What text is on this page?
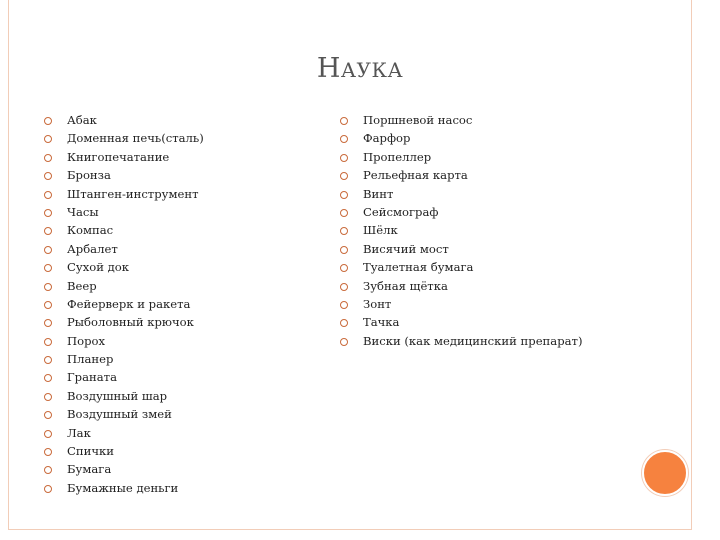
НАУКА
Абак
Доменная печь(сталь)
Книгопечатание
Бронза
Штанген-инструмент
Часы
Компас
Арбалет
Сухой док
Веер
Фейерверк и ракета
Рыболовный крючок
Порох
Планер
Граната
Воздушный шар
Воздушный змей
Лак
Спички
Бумага
Бумажные деньги
Поршневой насос
Фарфор
Пропеллер
Рельефная карта
Винт
Сейсмограф
Шёлк
Висячий мост
Туалетная бумага
Зубная щётка
Зонт
Тачка
Виски (как медицинский препарат)
